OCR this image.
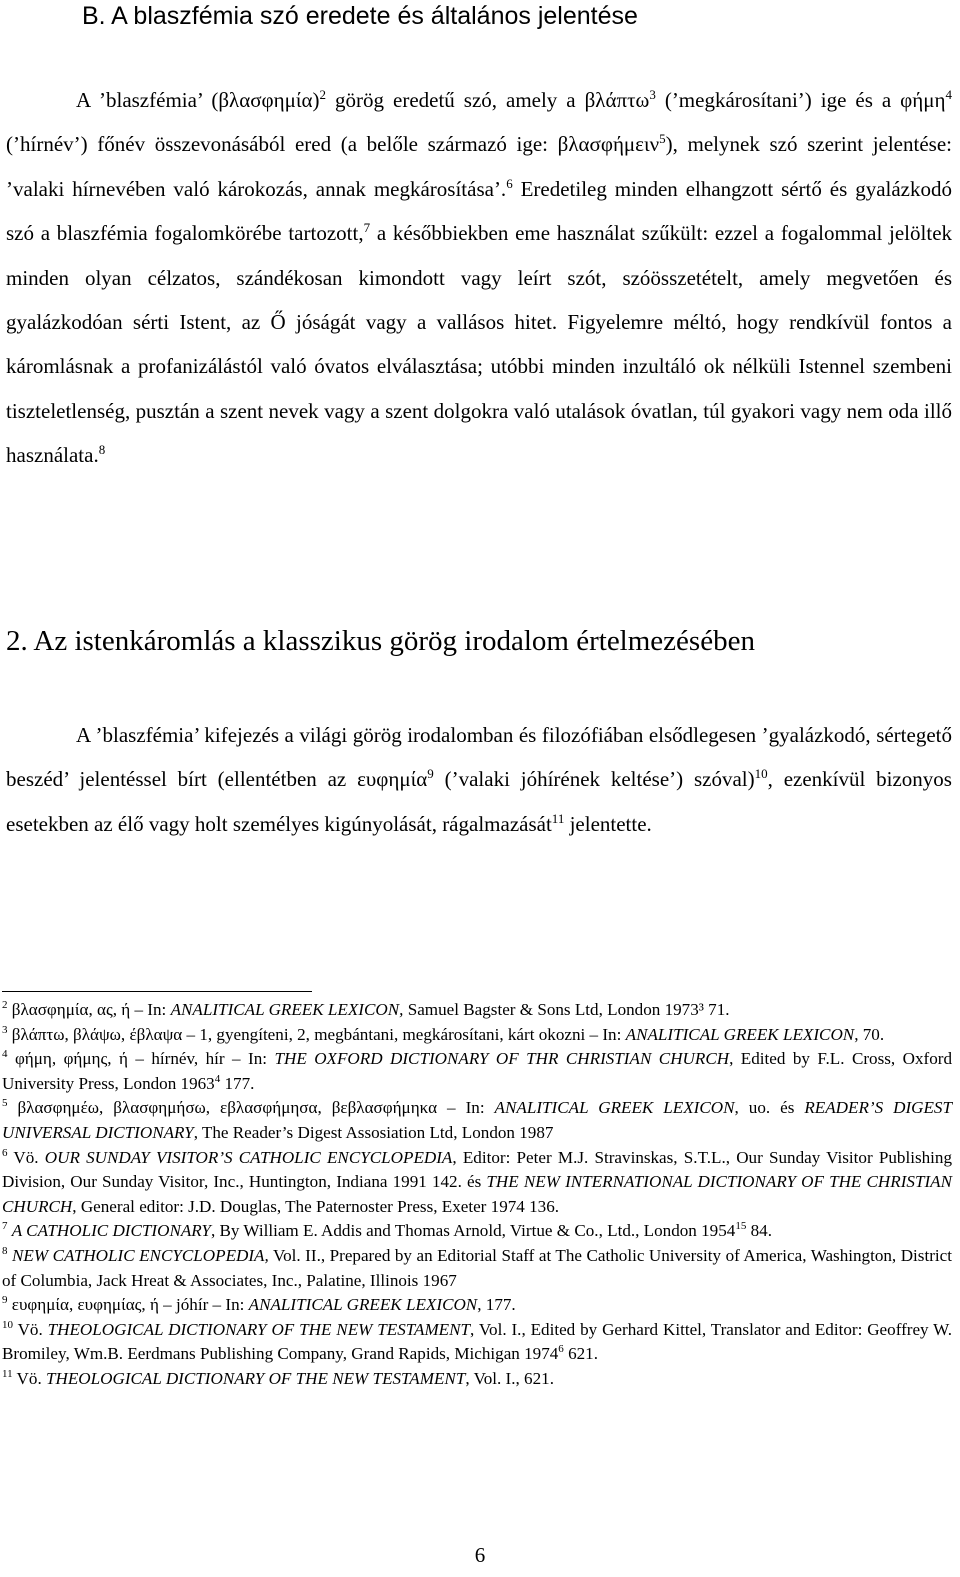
B. A blaszfémia szó eredete és általános jelentése

A ’blaszfémia’ $(\beta\lambda\alpha\sigma\varphi\eta\mu ί\alpha)^2$ görög eredetű szó, amely a βλάπτω$^3$ (’megkárosítani’) ige és a φήμη$^4$ (’hírnév’) főnév összevonásából ered (a belőle származó ige: βλασφήμειν$^5$), melynek szó szerint jelentése: ’valaki hírnevében való károkozás, annak megkárosítása’.$^6$ Eredetileg minden elhangzott sértő és gyalázkodó szó a blaszfémia fogalomkörébe tartozott,$^7$ a későbbiekben eme használat szűkült: ezzel a fogalommal jelöltek minden olyan célzatos, szándékosan kimondott vagy leírt szót, szóösszetételt, amely megvetően és gyalázkodóan sérti Istent, az Ő jóságát vagy a vallásos hitet. Figyelemre méltó, hogy rendkívül fontos a káromlásnak a profanizálástól való óvatos elválasztása; utóbbi minden inzultáló ok nélküli Istennel szembeni tiszteletlenség, pusztán a szent nevek vagy a szent dolgokra való utalások óvatlan, túl gyakori vagy nem oda illő használata.$^8$

2. Az istenkáromlás a klasszikus görög irodalom értelmezésében

A ’blaszfémia’ kifejezés a világi görög irodalomban és filozófiában elsődlegesen ’gyalázkodó, sértegető beszéd’ jelentéssel bírt (ellentétben az ευφημία$^9$ (’valaki jóhírének keltése’) szóval)$^{10}$, ezenkívül bizonyos esetekben az élő vagy holt személyes kigúnyolását, rágalmazását$^{11}$ jelentette.

$^2$ βλασφημία, ας, ή – In: ANALITICAL GREEK LEXICON, Samuel Bagster & Sons Ltd, London 1973³ 71.

$^3$ βλάπτω, βλάψω, έβλαψα – 1, gyengíteni, 2, megbántani, megkárosítani, kárt okozni – In: ANALITICAL GREEK LEXICON, 70.

$^4$ φήμη, φήμης, ή – hírnév, hír – In: THE OXFORD DICTIONARY OF THR CHRISTIAN CHURCH, Edited by F.L. Cross, Oxford University Press, London 1963$^4$ 177.

$^5$ βλασφημέω, βλασφημήσω, εβλασφήμησα, βεβλασφήμηκα – In: ANALITICAL GREEK LEXICON, uo. és READER’S DIGEST UNIVERSAL DICTIONARY, The Reader’s Digest Assosiation Ltd, London 1987

$^6$ Vö. OUR SUNDAY VISITOR’S CATHOLIC ENCYCLOPEDIA, Editor: Peter M.J. Stravinskas, S.T.L., Our Sunday Visitor Publishing Division, Our Sunday Visitor, Inc., Huntington, Indiana 1991 142. és THE NEW INTERNATIONAL DICTIONARY OF THE CHRISTIAN CHURCH, General editor: J.D. Douglas, The Paternoster Press, Exeter 1974 136.

$^7$ A CATHOLIC DICTIONARY, By William E. Addis and Thomas Arnold, Virtue & Co., Ltd., London 1954$^{15}$ 84.

$^8$ NEW CATHOLIC ENCYCLOPEDIA, Vol. II., Prepared by an Editorial Staff at The Catholic University of America, Washington, District of Columbia, Jack Hreat & Associates, Inc., Palatine, Illinois 1967

$^9$ ευφημία, ευφημίας, ή – jóhír – In: ANALITICAL GREEK LEXICON, 177.

$^{10}$ Vö. THEOLOGICAL DICTIONARY OF THE NEW TESTAMENT, Vol. I., Edited by Gerhard Kittel, Translator and Editor: Geoffrey W. Bromiley, Wm.B. Eerdmans Publishing Company, Grand Rapids, Michigan 1974$^6$ 621.

$^{11}$ Vö. THEOLOGICAL DICTIONARY OF THE NEW TESTAMENT, Vol. I., 621.

6
